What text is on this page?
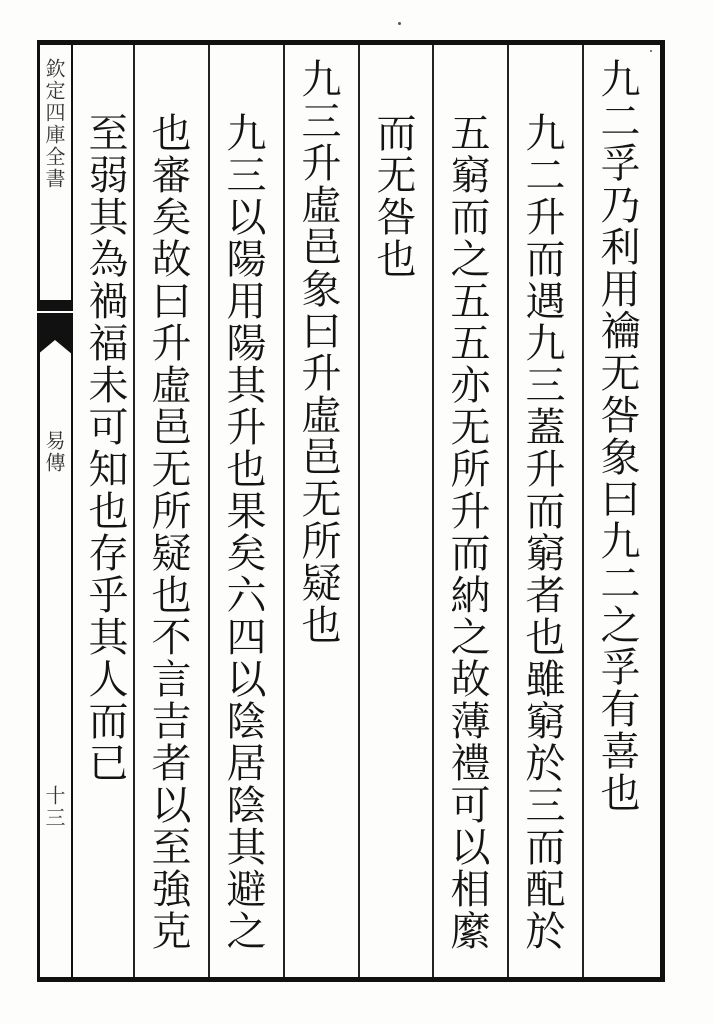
欽定四庫全書
易傳
十三	九二孚乃利用禴无咎象曰九二之孚有喜也
九二升而遇九三蓋升而窮者也雖窮於三而配於
五窮而之五五亦无所升而納之故薄禮可以相縻
而无咎也
九三升虛邑象曰升虛邑无所疑也
九三以陽用陽其升也果矣六四以陰居陰其避之
也審矣故曰升虛邑无所疑也不言吉者以至強克
至弱其為禍福未可知也存乎其人而已
